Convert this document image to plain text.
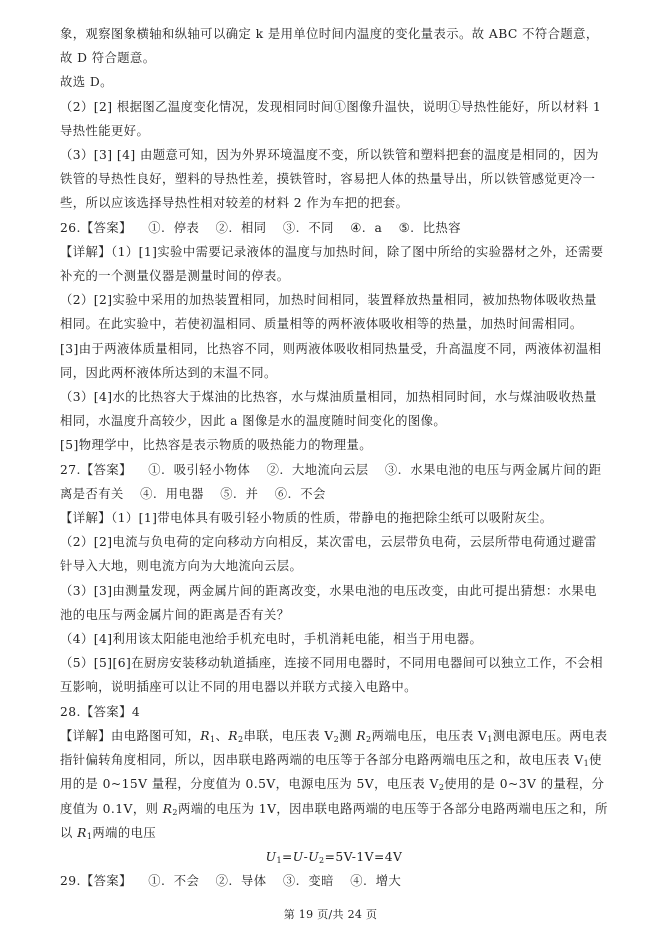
象，观察图象横轴和纵轴可以确定 k 是用单位时间内温度的变化量表示。故 ABC 不符合题意，故 D 符合题意。

故选 D。

（2）[2] 根据图乙温度变化情况，发现相同时间①图像升温快，说明①导热性能好，所以材料 1 导热性能更好。

（3）[3] [4] 由题意可知，因为外界环境温度不变，所以铁管和塑料把套的温度是相同的，因为铁管的导热性良好，塑料的导热性差，摸铁管时，容易把人体的热量导出，所以铁管感觉更冷一些，所以应该选择导热性相对较差的材料 2 作为车把的把套。

26.【答案】 ①. 停表 ②. 相同 ③. 不同 ④. a ⑤. 比热容

【详解】（1）[1]实验中需要记录液体的温度与加热时间，除了图中所给的实验器材之外，还需要补充的一个测量仪器是测量时间的停表。

（2）[2]实验中采用的加热装置相同，加热时间相同，装置释放热量相同，被加热物体吸收热量相同。在此实验中，若使初温相同、质量相等的两杯液体吸收相等的热量，加热时间需相同。

[3]由于两液体质量相同，比热容不同，则两液体吸收相同热量受，升高温度不同，两液体初温相同，因此两杯液体所达到的末温不同。

（3）[4]水的比热容大于煤油的比热容，水与煤油质量相同，加热相同时间，水与煤油吸收热量相同，水温度升高较少，因此 a 图像是水的温度随时间变化的图像。

[5]物理学中，比热容是表示物质的吸热能力的物理量。

27.【答案】 ①. 吸引轻小物体 ②. 大地流向云层 ③. 水果电池的电压与两金属片间的距离是否有关 ④. 用电器 ⑤. 并 ⑥. 不会

【详解】（1）[1]带电体具有吸引轻小物质的性质，带静电的拖把除尘纸可以吸附灰尘。

（2）[2]电流与负电荷的定向移动方向相反，某次雷电，云层带负电荷，云层所带电荷通过避雷针导入大地，则电流方向为大地流向云层。

（3）[3]由测量发现，两金属片间的距离改变，水果电池的电压改变，由此可提出猜想：水果电池的电压与两金属片间的距离是否有关？

（4）[4]利用该太阳能电池给手机充电时，手机消耗电能，相当于用电器。

（5）[5][6]在厨房安装移动轨道插座，连接不同用电器时，不同用电器间可以独立工作，不会相互影响，说明插座可以让不同的用电器以并联方式接入电路中。

28.【答案】4

【详解】由电路图可知，$R_1$、$R_2$串联，电压表 $V_2$测 $R_2$两端电压，电压表 $V_1$测电源电压。两电表指针偏转角度相同，所以，因串联电路两端的电压等于各部分电路两端电压之和，故电压表 $V_1$使用的是 0~15V 量程，分度值为 0.5V，电源电压为 5V，电压表 $V_2$使用的是 0~3V 的量程，分度值为 0.1V，则 $R_2$两端的电压为 1V，因串联电路两端的电压等于各部分电路两端电压之和，所以 $R_1$两端的电压

$U_1=U-U_2=5V-1V=4V$

29.【答案】 ①. 不会 ②. 导体 ③. 变暗 ④. 增大

第 19 页/共 24 页
